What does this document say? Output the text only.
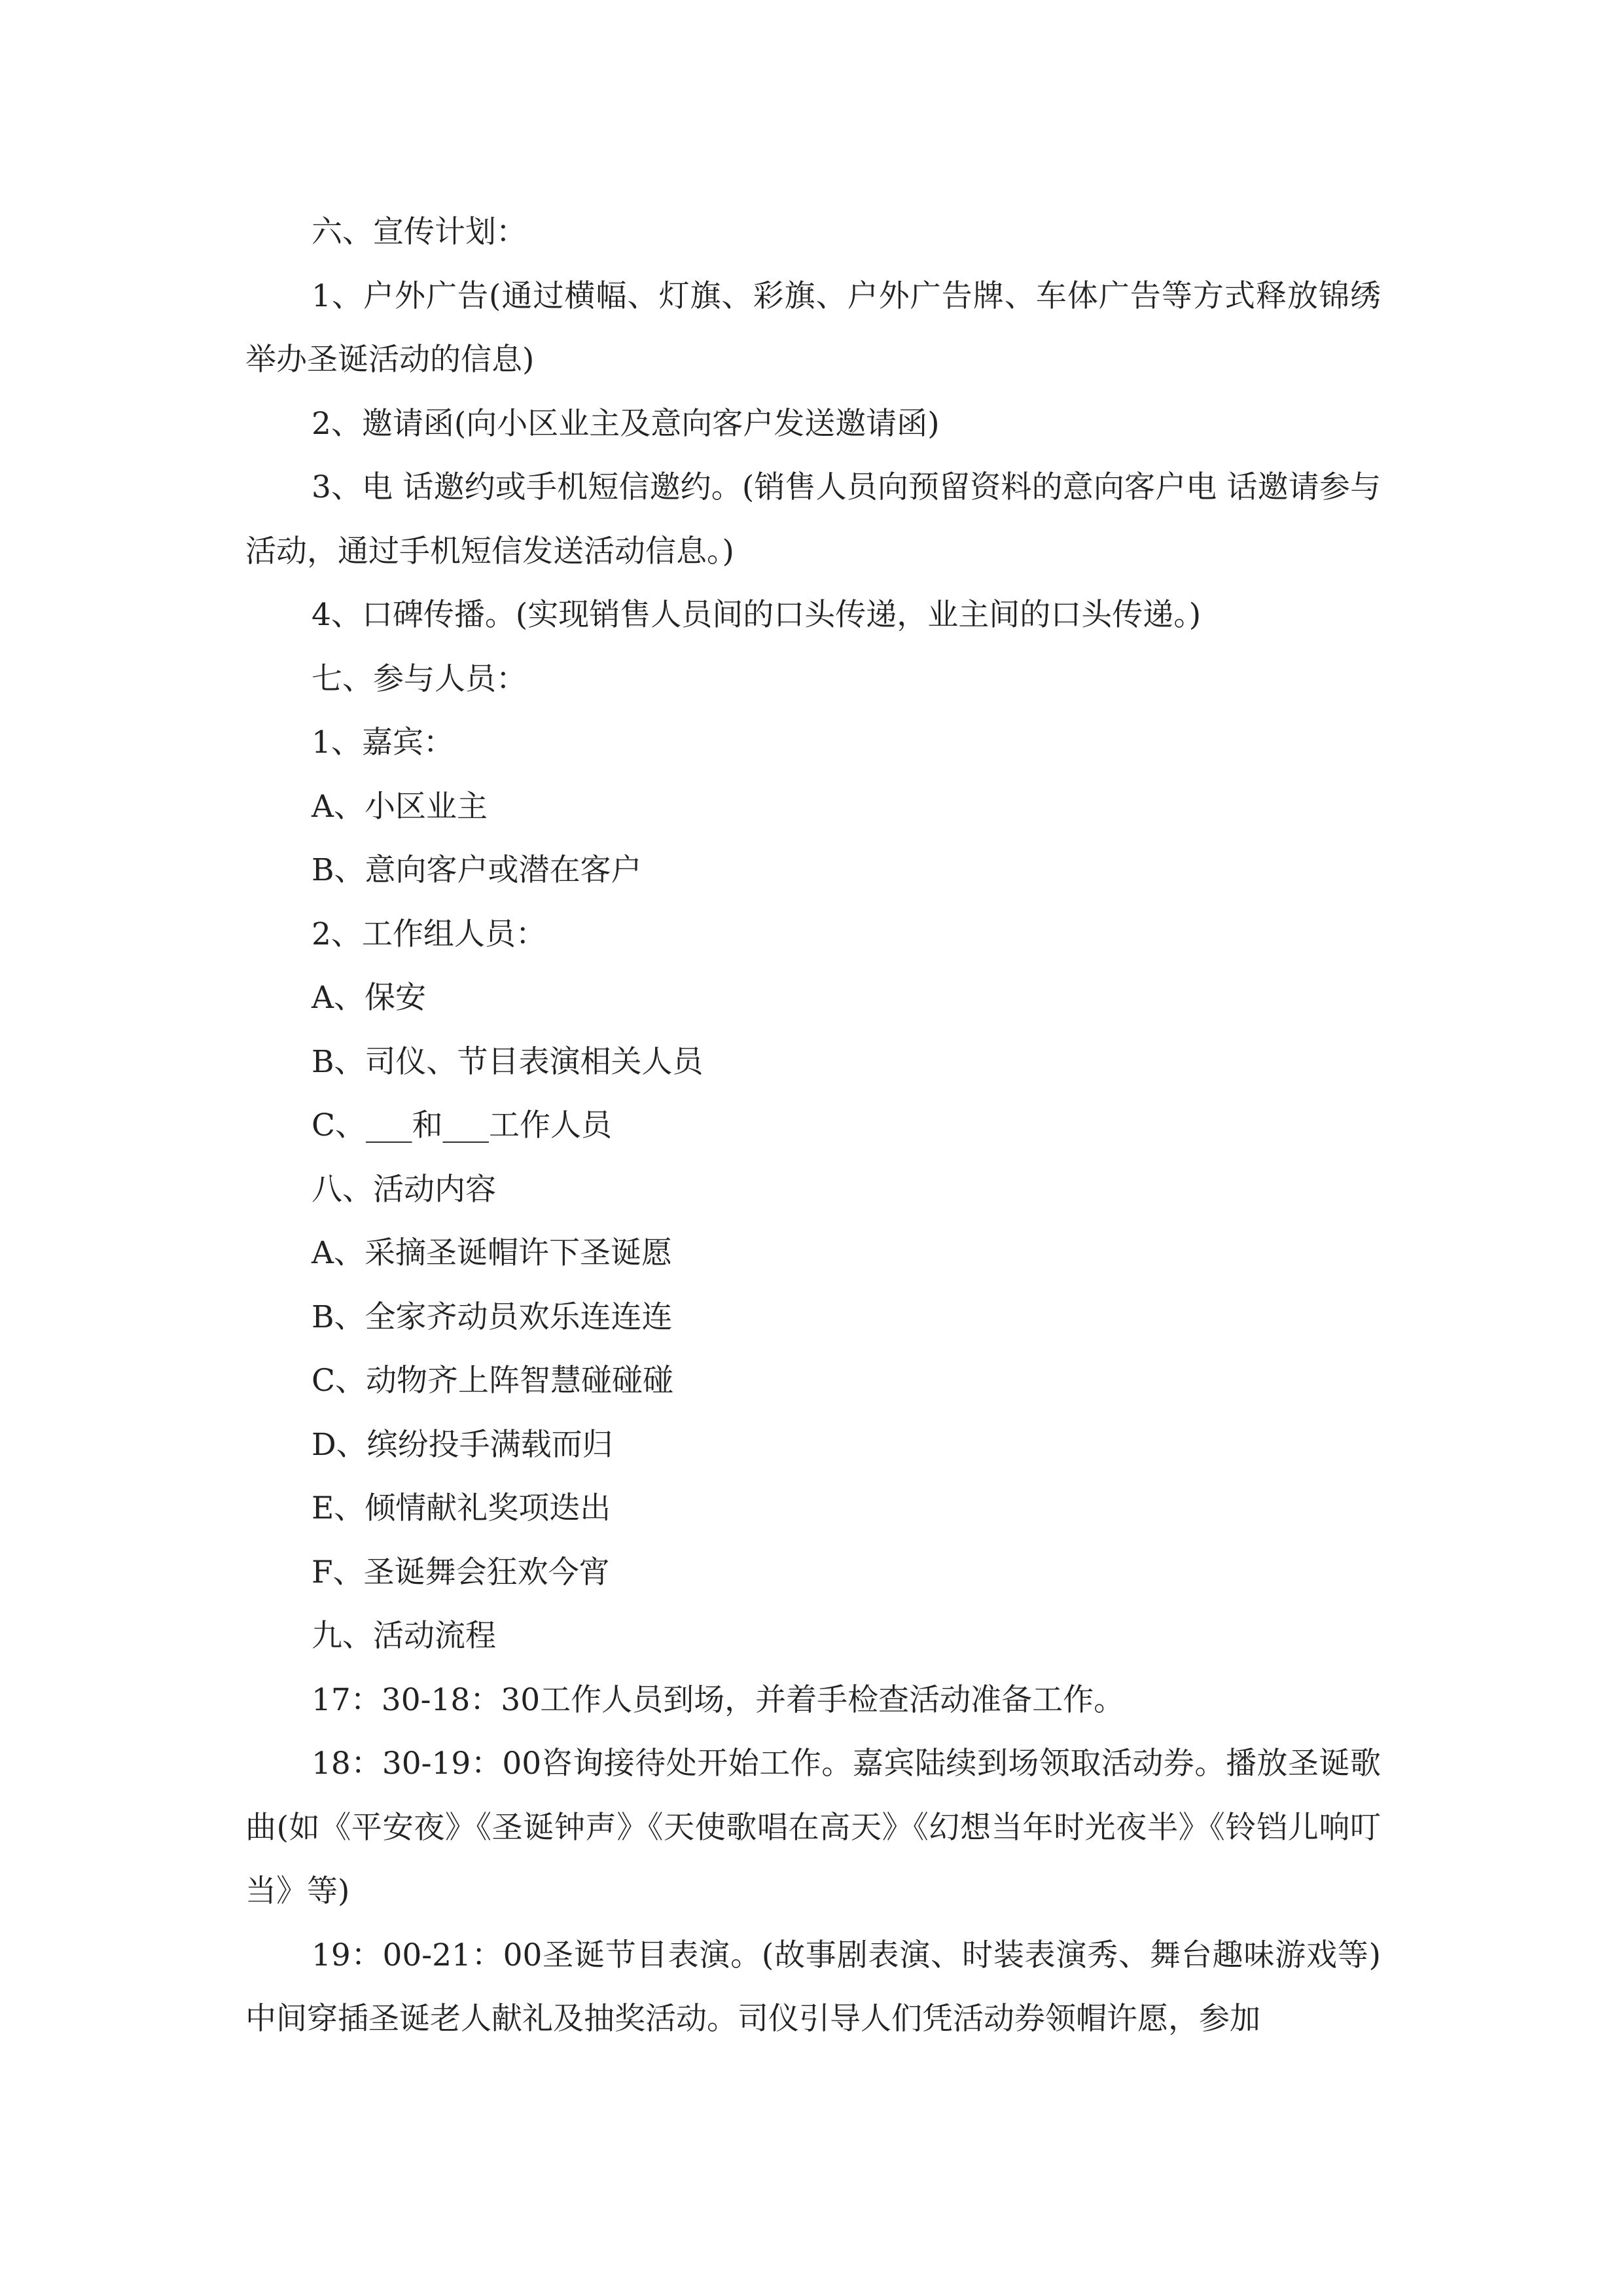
六、宣传计划：

1、户外广告(通过横幅、灯旗、彩旗、户外广告牌、车体广告等方式释放锦绣举办圣诞活动的信息)

2、邀请函(向小区业主及意向客户发送邀请函)

3、电 话邀约或手机短信邀约。(销售人员向预留资料的意向客户电 话邀请参与活动，通过手机短信发送活动信息。)

4、口碑传播。(实现销售人员间的口头传递，业主间的口头传递。)

七、参与人员：

1、嘉宾：

A、小区业主

B、意向客户或潜在客户

2、工作组人员：

A、保安

B、司仪、节目表演相关人员

C、___和___工作人员

八、活动内容

A、采摘圣诞帽许下圣诞愿

B、全家齐动员欢乐连连连

C、动物齐上阵智慧碰碰碰

D、缤纷投手满载而归

E、倾情献礼奖项迭出

F、圣诞舞会狂欢今宵

九、活动流程

17：30-18：30工作人员到场，并着手检查活动准备工作。

18：30-19：00咨询接待处开始工作。嘉宾陆续到场领取活动券。播放圣诞歌曲(如《平安夜》《圣诞钟声》《天使歌唱在高天》《幻想当年时光夜半》《铃铛儿响叮当》等)

19：00-21：00圣诞节目表演。(故事剧表演、时装表演秀、舞台趣味游戏等)中间穿插圣诞老人献礼及抽奖活动。司仪引导人们凭活动券领帽许愿，参加
